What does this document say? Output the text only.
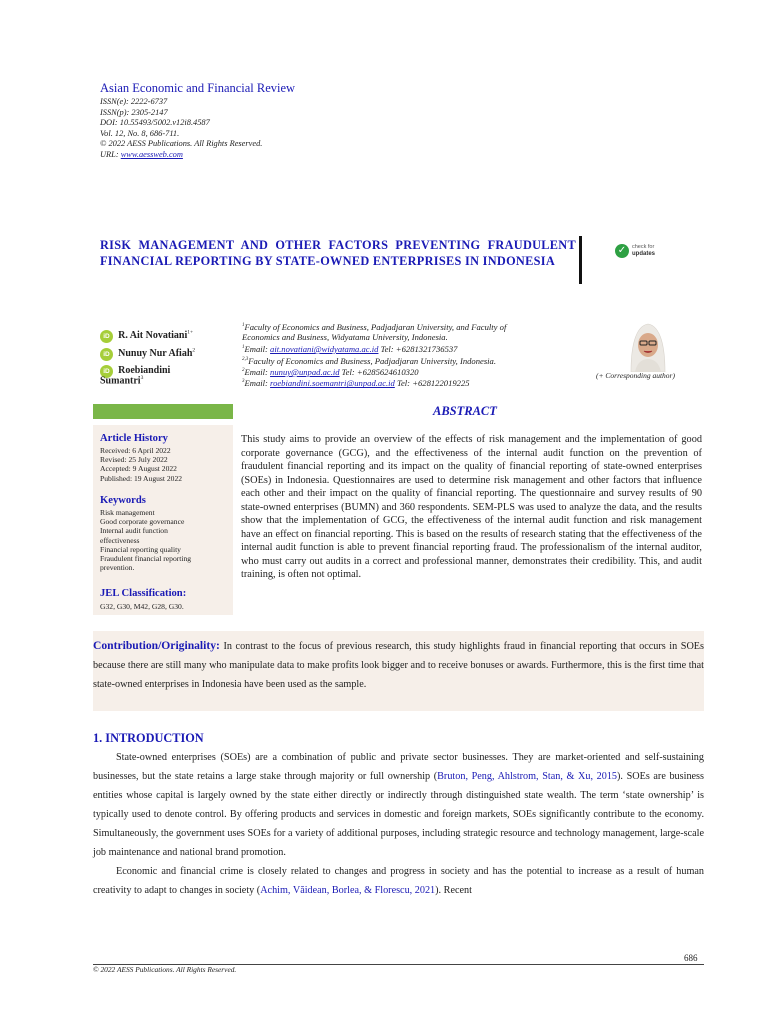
Asian Economic and Financial Review
ISSN(e): 2222-6737
ISSN(p): 2305-2147
DOI: 10.55493/5002.v12i8.4587
Vol. 12, No. 8, 686-711.
© 2022 AESS Publications. All Rights Reserved.
URL: www.aessweb.com
RISK MANAGEMENT AND OTHER FACTORS PREVENTING FRAUDULENT FINANCIAL REPORTING BY STATE-OWNED ENTERPRISES IN INDONESIA
✓	check for
updates
iD R. Ait Novatiani$^{1+}$
iD Nunuy Nur Afiah$^2$
iD Roebiandini
Sumantri$^3$
$^1$Faculty of Economics and Business, Padjadjaran University, and Faculty of
Economics and Business, Widyatama University, Indonesia.
$^1$Email: ait.novatiani@widyatama.ac.id Tel: +6281321736537
$^{2,3}$Faculty of Economics and Business, Padjadjaran University, Indonesia.
$^2$Email: nunuy@unpad.ac.id Tel: +6285624610320
$^3$Email: roebiandini.soemantri@unpad.ac.id Tel: +628122019225
(+ Corresponding author)
ABSTRACT
Article History
Received: 6 April 2022
Revised: 25 July 2022
Accepted: 9 August 2022
Published: 19 August 2022
Keywords
Risk management
Good corporate governance
Internal audit function
effectiveness
Financial reporting quality
Fraudulent financial reporting
prevention.
JEL Classification:
G32, G30, M42, G28, G30.
This study aims to provide an overview of the effects of risk management and the implementation of good corporate governance (GCG), and the effectiveness of the internal audit function on the prevention of fraudulent financial reporting and its impact on the quality of financial reporting of state-owned enterprises (SOEs) in Indonesia. Questionnaires are used to determine risk management and other factors that influence each other and their impact on the quality of financial reporting. The questionnaire and survey results of 90 state-owned enterprises (BUMN) and 360 respondents. SEM-PLS was used to analyze the data, and the results show that the implementation of GCG, the effectiveness of the internal audit function and risk management have an effect on financial reporting. This is based on the results of research stating that the effectiveness of the internal audit function is able to prevent financial reporting fraud. The professionalism of the internal auditor, who must carry out audits in a correct and professional manner, demonstrates their credibility. This, and audit training, is often not optimal.
Contribution/Originality: In contrast to the focus of previous research, this study highlights fraud in financial reporting that occurs in SOEs because there are still many who manipulate data to make profits look bigger and to receive bonuses or awards. Furthermore, this is the first time that state-owned enterprises in Indonesia have been used as the sample.
1. INTRODUCTION

State-owned enterprises (SOEs) are a combination of public and private sector businesses. They are market-oriented and self-sustaining businesses, but the state retains a large stake through majority or full ownership (Bruton, Peng, Ahlstrom, Stan, & Xu, 2015). SOEs are business entities whose capital is largely owned by the state either directly or indirectly through distinguished state wealth. The term ‘state ownership’ is typically used to denote control. By offering products and services in domestic and foreign markets, SOEs significantly contribute to the economy. Simultaneously, the government uses SOEs for a variety of additional purposes, including strategic resource and technology management, large-scale job maintenance and national brand promotion.

Economic and financial crime is closely related to changes and progress in society and has the potential to increase as a result of human creativity to adapt to changes in society (Achim, Văidean, Borlea, & Florescu, 2021). Recent

686
© 2022 AESS Publications. All Rights Reserved.
